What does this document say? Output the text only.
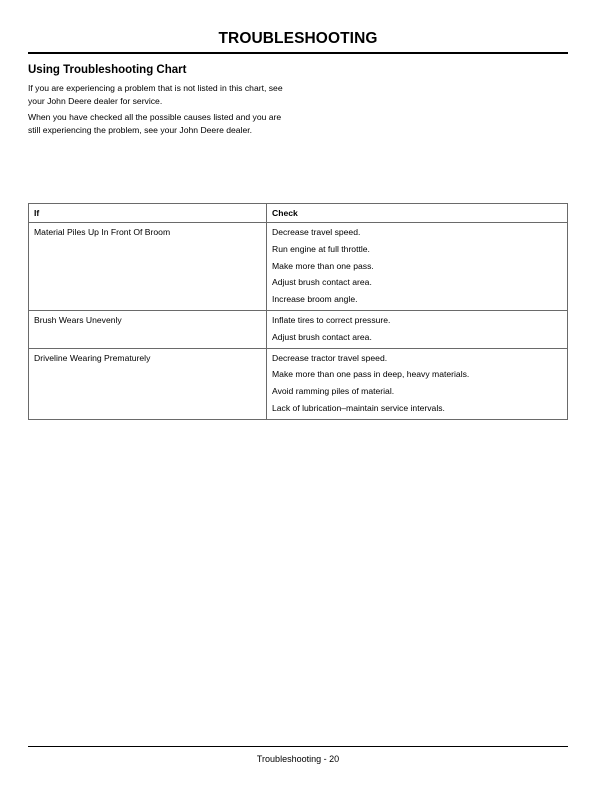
TROUBLESHOOTING
Using Troubleshooting Chart
If you are experiencing a problem that is not listed in this chart, see your John Deere dealer for service.
When you have checked all the possible causes listed and you are still experiencing the problem, see your John Deere dealer.
If	Check

Material Piles Up In Front Of Broom	Decrease travel speed.
Run engine at full throttle.
Make more than one pass.
Adjust brush contact area.
Increase broom angle.

Brush Wears Unevenly	Inflate tires to correct pressure.
Adjust brush contact area.

Driveline Wearing Prematurely	Decrease tractor travel speed.
Make more than one pass in deep, heavy materials.
Avoid ramming piles of material.
Lack of lubrication–maintain service intervals.
Troubleshooting - 20
